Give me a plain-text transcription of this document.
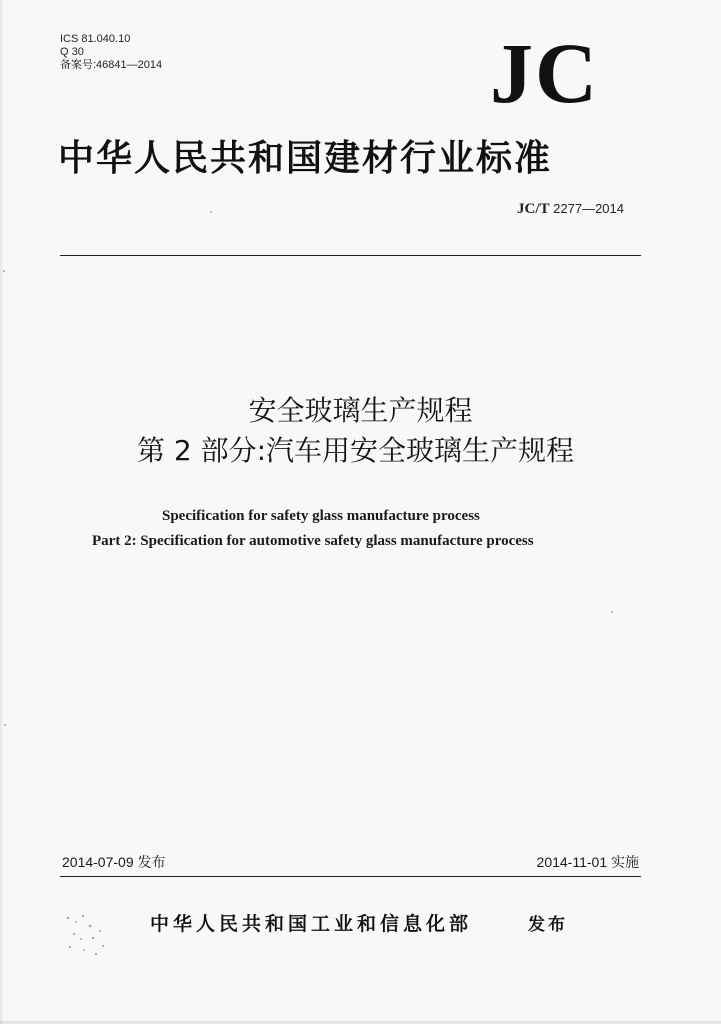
ICS 81.040.10
Q 30
备案号:46841—2014	JC
中华人民共和国建材行业标准
JC/T 2277—2014
安全玻璃生产规程
第 2 部分:汽车用安全玻璃生产规程
Specification for safety glass manufacture process
Part 2: Specification for automotive safety glass manufacture process
2014-07-09 发布	2014-11-01 实施
中华人民共和国工业和信息化部	发布
